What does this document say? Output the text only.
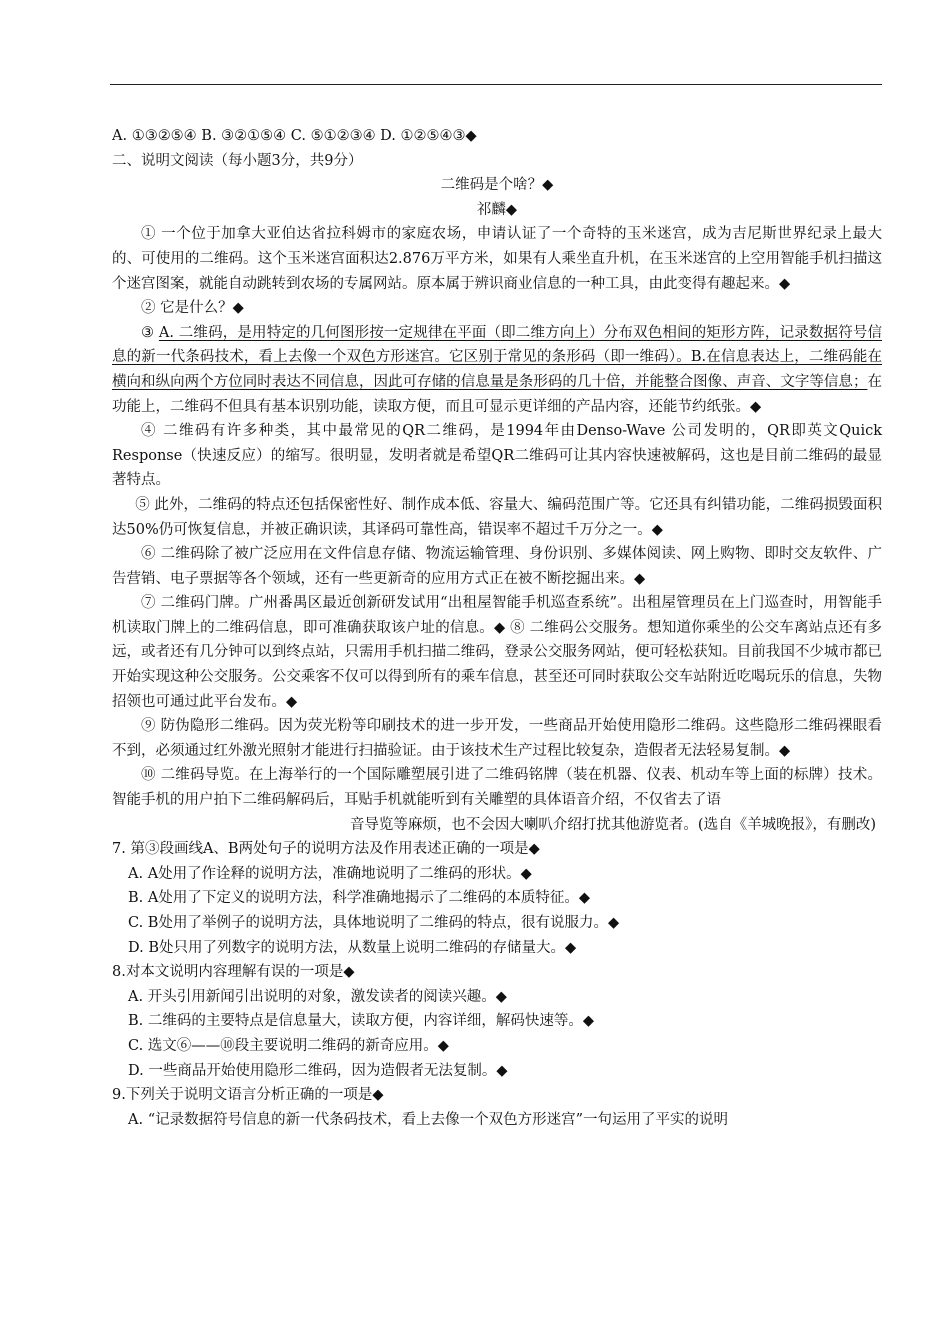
A. ①③②⑤④ B. ③②①⑤④ C. ⑤①②③④ D. ①②⑤④③◆
二、说明文阅读（每小题3分，共9分）
二维码是个啥？◆
祁麟◆
① 一个位于加拿大亚伯达省拉科姆市的家庭农场，申请认证了一个奇特的玉米迷宫，成为吉尼斯世界纪录上最大的、可使用的二维码。这个玉米迷宫面积达2.876万平方米，如果有人乘坐直升机，在玉米迷宫的上空用智能手机扫描这个迷宫图案，就能自动跳转到农场的专属网站。原本属于辨识商业信息的一种工具，由此变得有趣起来。◆
② 它是什么？◆
③ A. 二维码，是用特定的几何图形按一定规律在平面（即二维方向上）分布双色相间的矩形方阵，记录数据符号信息的新一代条码技术，看上去像一个双色方形迷宫。它区别于常见的条形码（即一维码）。B.在信息表达上，二维码能在横向和纵向两个方位同时表达不同信息，因此可存储的信息量是条形码的几十倍，并能整合图像、声音、文字等信息；在功能上，二维码不但具有基本识别功能，读取方便，而且可显示更详细的产品内容，还能节约纸张。◆
④ 二维码有许多种类，其中最常见的QR二维码，是1994年由Denso-Wave 公司发明的，QR即英文Quick Response（快速反应）的缩写。很明显，发明者就是希望QR二维码可让其内容快速被解码，这也是目前二维码的最显著特点。
⑤ 此外，二维码的特点还包括保密性好、制作成本低、容量大、编码范围广等。它还具有纠错功能，二维码损毁面积达50%仍可恢复信息，并被正确识读，其译码可靠性高，错误率不超过千万分之一。◆
⑥ 二维码除了被广泛应用在文件信息存储、物流运输管理、身份识别、多媒体阅读、网上购物、即时交友软件、广告营销、电子票据等各个领域，还有一些更新奇的应用方式正在被不断挖掘出来。◆
⑦ 二维码门牌。广州番禺区最近创新研发试用“出租屋智能手机巡查系统”。出租屋管理员在上门巡查时，用智能手机读取门牌上的二维码信息，即可准确获取该户址的信息。◆ ⑧ 二维码公交服务。想知道你乘坐的公交车离站点还有多远，或者还有几分钟可以到终点站，只需用手机扫描二维码，登录公交服务网站，便可轻松获知。目前我国不少城市都已开始实现这种公交服务。公交乘客不仅可以得到所有的乘车信息，甚至还可同时获取公交车站附近吃喝玩乐的信息，失物招领也可通过此平台发布。◆
⑨ 防伪隐形二维码。因为荧光粉等印刷技术的进一步开发，一些商品开始使用隐形二维码。这些隐形二维码裸眼看不到，必须通过红外激光照射才能进行扫描验证。由于该技术生产过程比较复杂，造假者无法轻易复制。◆
⑩ 二维码导览。在上海举行的一个国际雕塑展引进了二维码铭牌（装在机器、仪表、机动车等上面的标牌）技术。智能手机的用户拍下二维码解码后，耳贴手机就能听到有关雕塑的具体语音介绍，不仅省去了语
音导览等麻烦，也不会因大喇叭介绍打扰其他游览者。(选自《羊城晚报》，有删改)
7. 第③段画线A、B两处句子的说明方法及作用表述正确的一项是◆
A. A处用了作诠释的说明方法，准确地说明了二维码的形状。◆
B. A处用了下定义的说明方法，科学准确地揭示了二维码的本质特征。◆
C. B处用了举例子的说明方法，具体地说明了二维码的特点，很有说服力。◆
D. B处只用了列数字的说明方法，从数量上说明二维码的存储量大。◆
8.对本文说明内容理解有误的一项是◆
A. 开头引用新闻引出说明的对象，激发读者的阅读兴趣。◆
B. 二维码的主要特点是信息量大，读取方便，内容详细，解码快速等。◆
C. 选文⑥——⑩段主要说明二维码的新奇应用。◆
D. 一些商品开始使用隐形二维码，因为造假者无法复制。◆
9.下列关于说明文语言分析正确的一项是◆
A. “记录数据符号信息的新一代条码技术，看上去像一个双色方形迷宫”一句运用了平实的说明
